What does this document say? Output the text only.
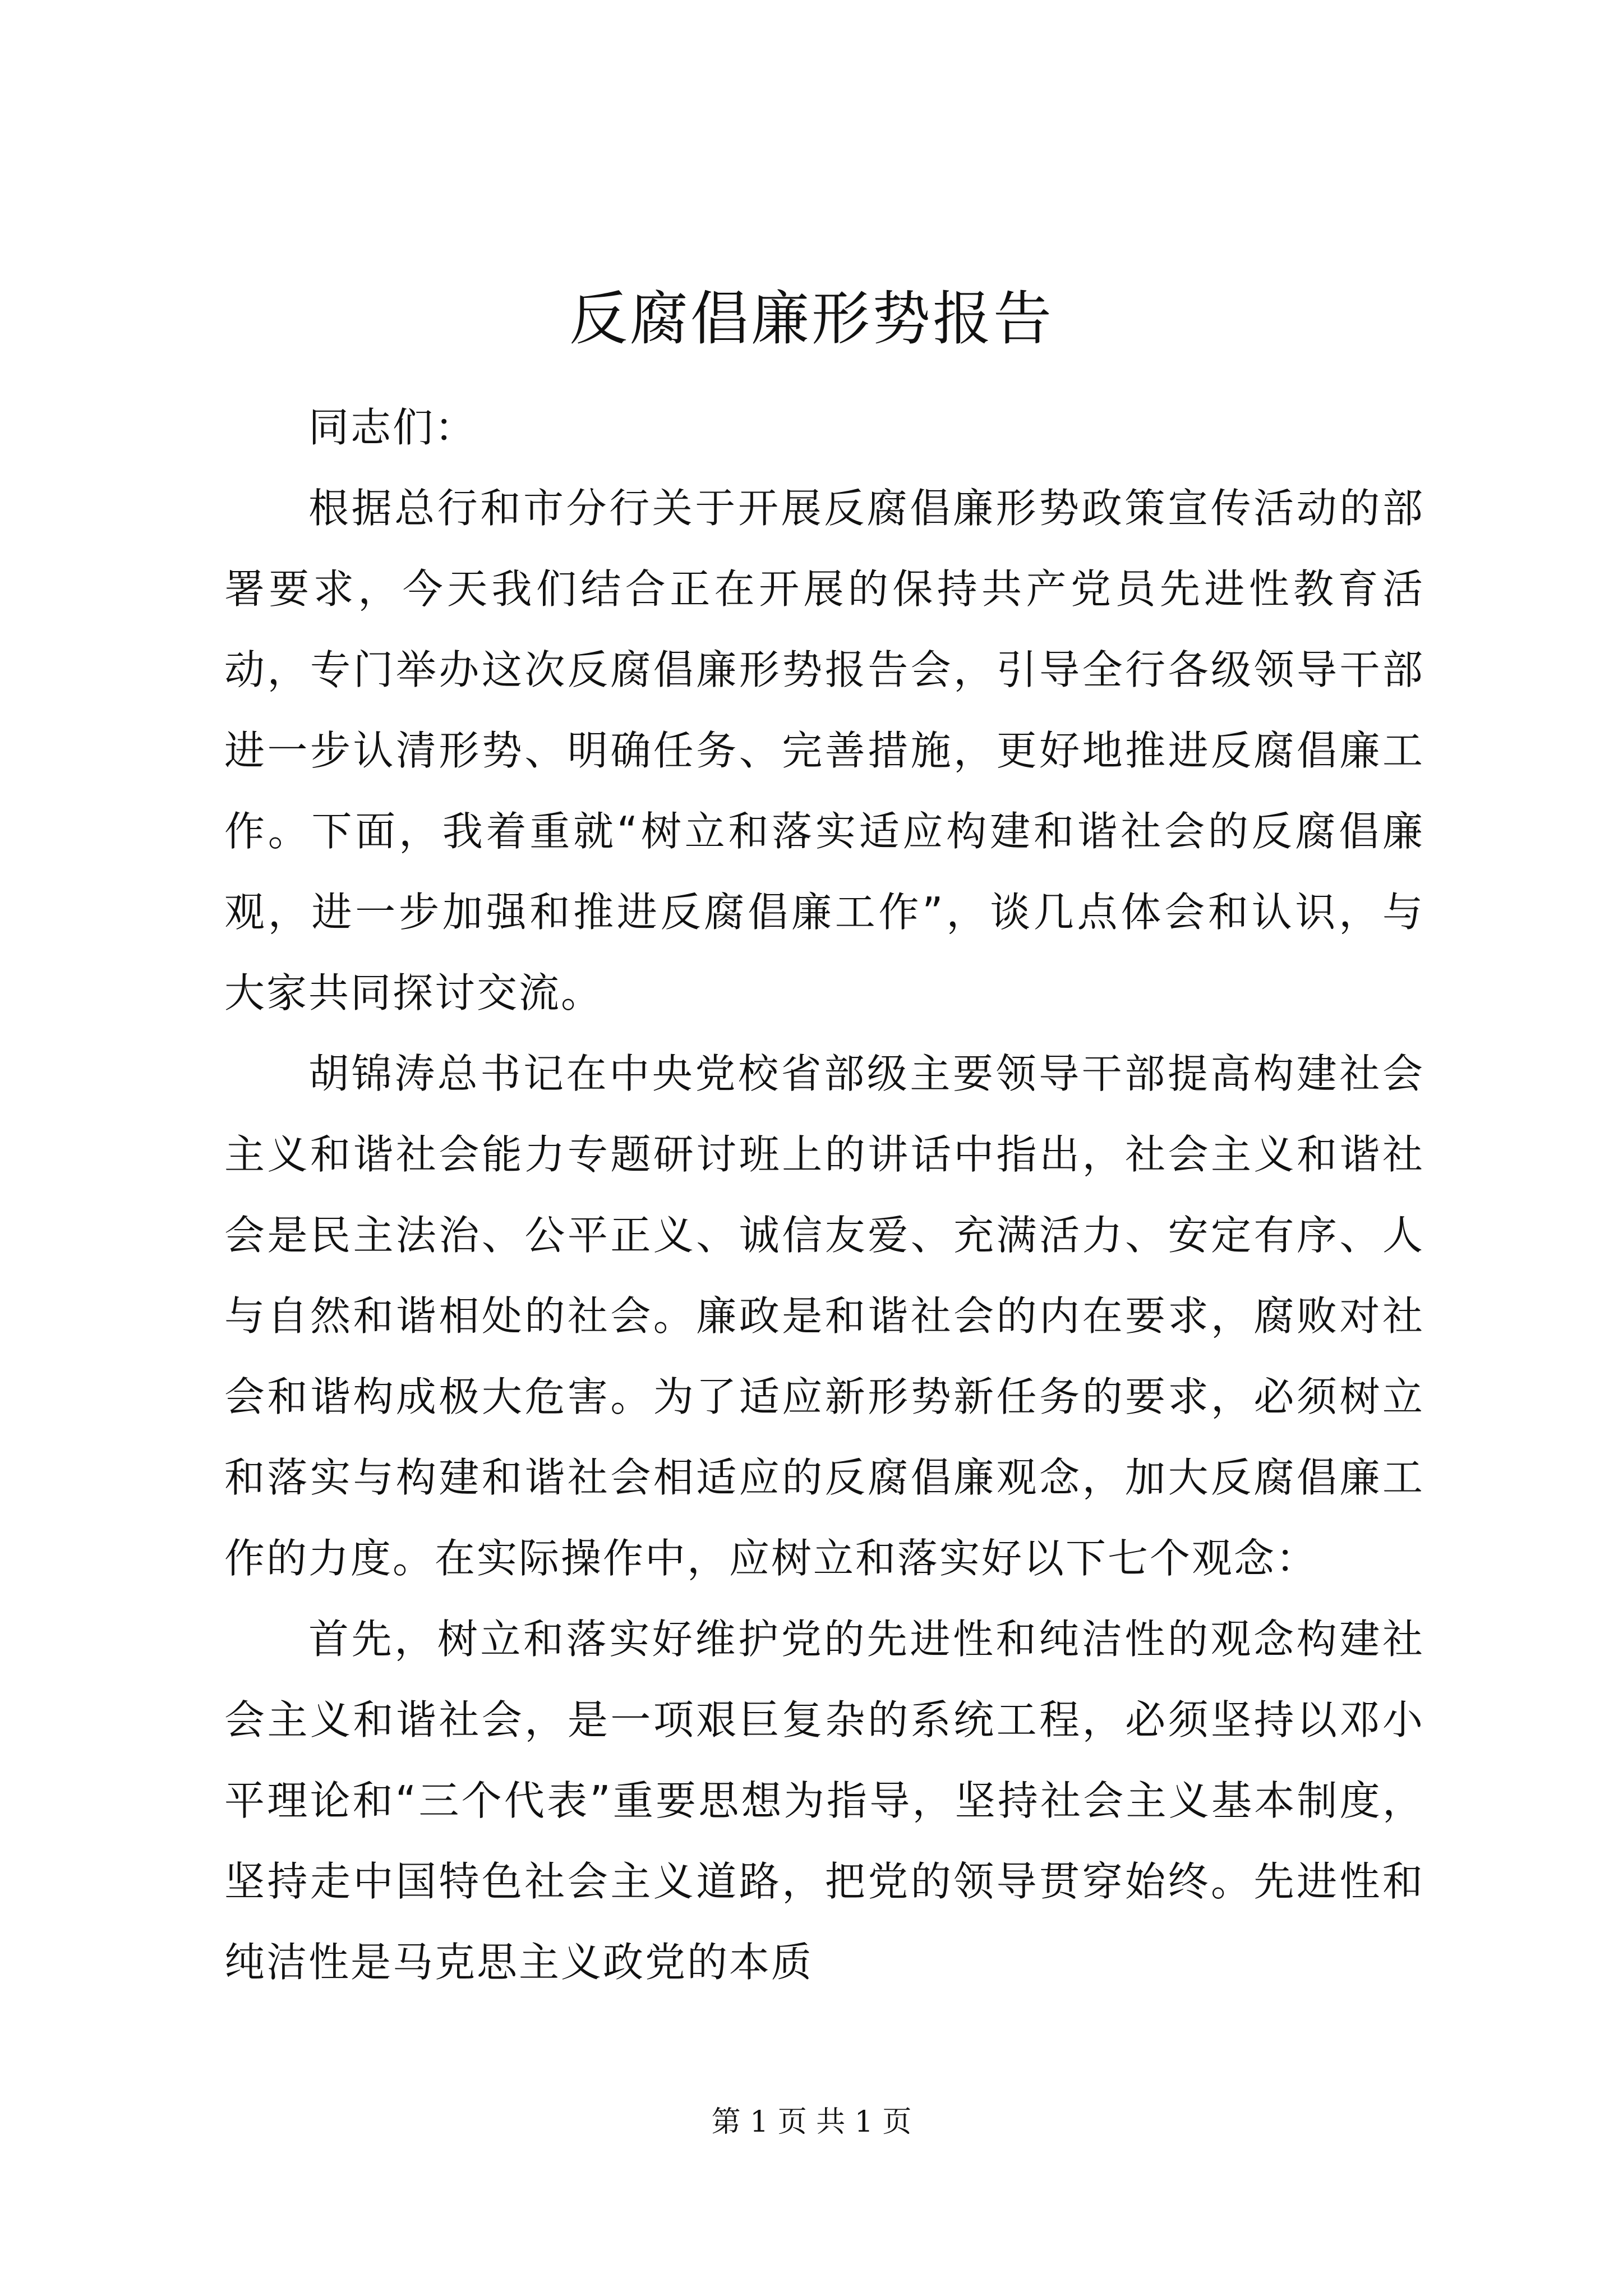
反腐倡廉形势报告

同志们：

根据总行和市分行关于开展反腐倡廉形势政策宣传活动的部署要求，今天我们结合正在开展的保持共产党员先进性教育活动，专门举办这次反腐倡廉形势报告会，引导全行各级领导干部进一步认清形势、明确任务、完善措施，更好地推进反腐倡廉工作。下面，我着重就“树立和落实适应构建和谐社会的反腐倡廉观，进一步加强和推进反腐倡廉工作”，谈几点体会和认识，与大家共同探讨交流。

胡锦涛总书记在中央党校省部级主要领导干部提高构建社会主义和谐社会能力专题研讨班上的讲话中指出，社会主义和谐社会是民主法治、公平正义、诚信友爱、充满活力、安定有序、人与自然和谐相处的社会。廉政是和谐社会的内在要求，腐败对社会和谐构成极大危害。为了适应新形势新任务的要求，必须树立和落实与构建和谐社会相适应的反腐倡廉观念，加大反腐倡廉工作的力度。在实际操作中，应树立和落实好以下七个观念：

首先，树立和落实好维护党的先进性和纯洁性的观念构建社会主义和谐社会，是一项艰巨复杂的系统工程，必须坚持以邓小平理论和“三个代表”重要思想为指导，坚持社会主义基本制度，坚持走中国特色社会主义道路，把党的领导贯穿始终。先进性和纯洁性是马克思主义政党的本质

第 1 页 共 1 页
